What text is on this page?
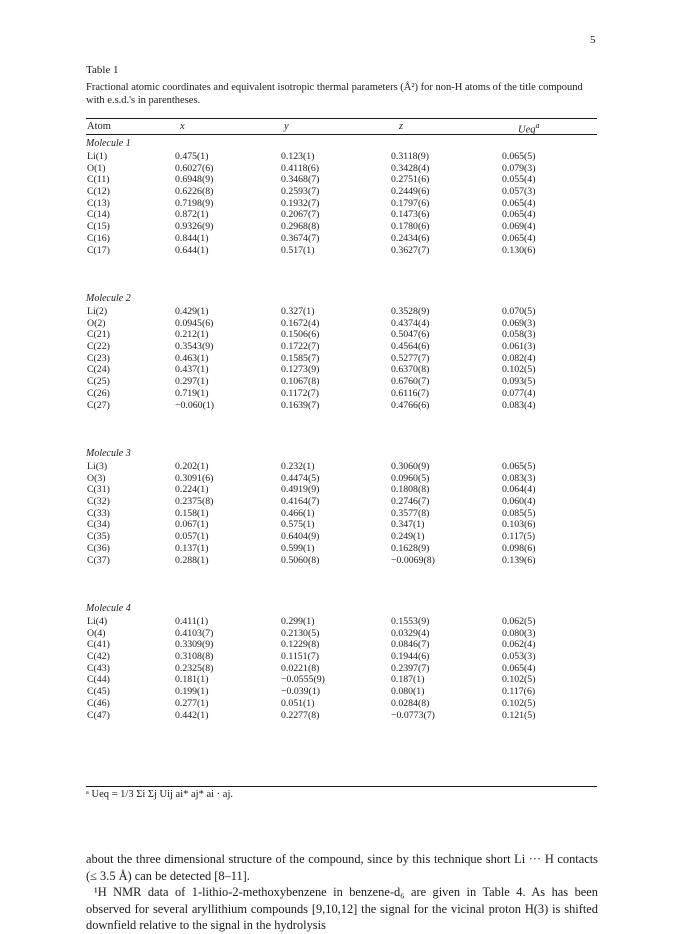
5
Table 1
Fractional atomic coordinates and equivalent isotropic thermal parameters (Å²) for non-H atoms of the title compound with e.s.d.'s in parentheses.
Atom	x	y	z	Ueq$^a$
Molecule 1
Li(1)	0.475(1)	0.123(1)	0.3118(9)	0.065(5)
O(1)	0.6027(6)	0.4118(6)	0.3428(4)	0.079(3)
C(11)	0.6948(9)	0.3468(7)	0.2751(6)	0.055(4)
C(12)	0.6226(8)	0.2593(7)	0.2449(6)	0.057(3)
C(13)	0.7198(9)	0.1932(7)	0.1797(6)	0.065(4)
C(14)	0.872(1)	0.2067(7)	0.1473(6)	0.065(4)
C(15)	0.9326(9)	0.2968(8)	0.1780(6)	0.069(4)
C(16)	0.844(1)	0.3674(7)	0.2434(6)	0.065(4)
C(17)	0.644(1)	0.517(1)	0.3627(7)	0.130(6)
Molecule 2
Li(2)	0.429(1)	0.327(1)	0.3528(9)	0.070(5)
O(2)	0.0945(6)	0.1672(4)	0.4374(4)	0.069(3)
C(21)	0.212(1)	0.1506(6)	0.5047(6)	0.058(3)
C(22)	0.3543(9)	0.1722(7)	0.4564(6)	0.061(3)
C(23)	0.463(1)	0.1585(7)	0.5277(7)	0.082(4)
C(24)	0.437(1)	0.1273(9)	0.6370(8)	0.102(5)
C(25)	0.297(1)	0.1067(8)	0.6760(7)	0.093(5)
C(26)	0.719(1)	0.1172(7)	0.6116(7)	0.077(4)
C(27)	−0.060(1)	0.1639(7)	0.4766(6)	0.083(4)
Molecule 3
Li(3)	0.202(1)	0.232(1)	0.3060(9)	0.065(5)
O(3)	0.3091(6)	0.4474(5)	0.0960(5)	0.083(3)
C(31)	0.224(1)	0.4919(9)	0.1808(8)	0.064(4)
C(32)	0.2375(8)	0.4164(7)	0.2746(7)	0.060(4)
C(33)	0.158(1)	0.466(1)	0.3577(8)	0.085(5)
C(34)	0.067(1)	0.575(1)	0.347(1)	0.103(6)
C(35)	0.057(1)	0.6404(9)	0.249(1)	0.117(5)
C(36)	0.137(1)	0.599(1)	0.1628(9)	0.098(6)
C(37)	0.288(1)	0.5060(8)	−0.0069(8)	0.139(6)
Molecule 4
Li(4)	0.411(1)	0.299(1)	0.1553(9)	0.062(5)
O(4)	0.4103(7)	0.2130(5)	0.0329(4)	0.080(3)
C(41)	0.3309(9)	0.1229(8)	0.0846(7)	0.062(4)
C(42)	0.3108(8)	0.1151(7)	0.1944(6)	0.053(3)
C(43)	0.2325(8)	0.0221(8)	0.2397(7)	0.065(4)
C(44)	0.181(1)	−0.0555(9)	0.187(1)	0.102(5)
C(45)	0.199(1)	−0.039(1)	0.080(1)	0.117(6)
C(46)	0.277(1)	0.051(1)	0.0284(8)	0.102(5)
C(47)	0.442(1)	0.2277(8)	−0.0773(7)	0.121(5)
ᵃ Ueq = 1/3 Σi Σj Uij ai* aj* ai · aj.

about the three dimensional structure of the compound, since by this technique short Li ··· H contacts (≤ 3.5 Å) can be detected [8–11].

¹H NMR data of 1-lithio-2-methoxybenzene in benzene-d₆ are given in Table 4. As has been observed for several aryllithium compounds [9,10,12] the signal for the vicinal proton H(3) is shifted downfield relative to the signal in the hydrolysis
